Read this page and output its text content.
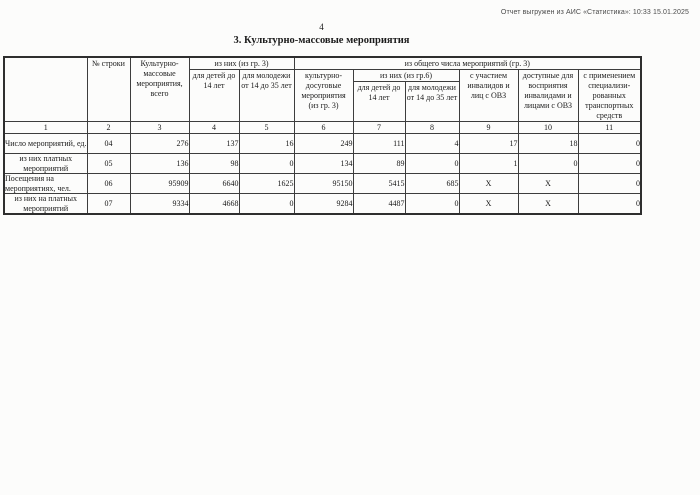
Отчет выгружен из АИС «Статистика»: 10:33 15.01.2025
4
3. Культурно-массовые мероприятия
	№ строки	Культурно-массовые мероприятия, всего	из них (из гр. 3)		из общего числа мероприятий (гр. 3)					
			для детей до 14 лет	для молодежи от 14 до 35 лет	культурно-досуговые мероприятия (из гр. 3)	из них (из гр.6)		с участием инвалидов и лиц с ОВЗ	доступные для восприятия инвалидами и лицами с ОВЗ	с применением специализи-рованных транспортных средств
						для детей до 14 лет	для молодежи от 14 до 35 лет			
1	2	3	4	5	6	7	8	9	10	11
Число мероприятий, ед.	04	276	137	16	249	111	4	17	18	0
из них платных мероприятий	05	136	98	0	134	89	0	1	0	0
Посещения на мероприятиях, чел.	06	95909	6640	1625	95150	5415	685	X	X	0
из них на платных мероприятий	07	9334	4668	0	9284	4487	0	X	X	0
